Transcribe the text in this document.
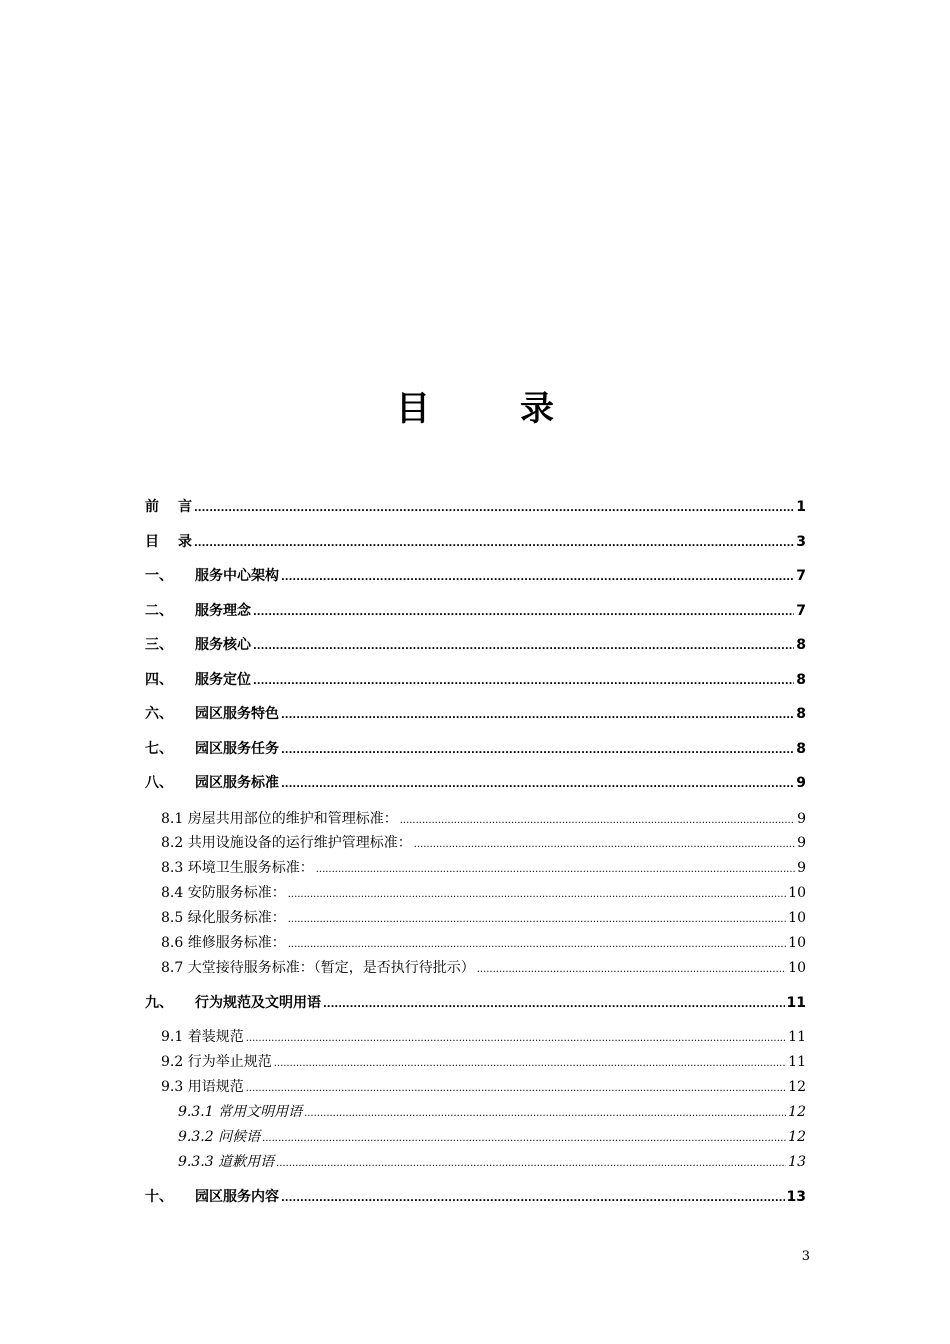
目　录
前 言 .....	1
目 录 .....	3
一、 服务中心架构 .....	7
二、 服务理念 .....	7
三、 服务核心 .....	8
四、 服务定位 .....	8
六、 园区服务特色 .....	8
七、 园区服务任务 .....	8
八、 园区服务标准 .....	9
8.1 房屋共用部位的维护和管理标准： .....	9
8.2 共用设施设备的运行维护管理标准： .....	9
8.3 环境卫生服务标准： .....	9
8.4 安防服务标准： .....	10
8.5 绿化服务标准： .....	10
8.6 维修服务标准： .....	10
8.7 大堂接待服务标准：（暂定，是否执行待批示） .....	10
九、 行为规范及文明用语 .....	11
9.1 着装规范 .....	11
9.2 行为举止规范 .....	11
9.3 用语规范 .....	12
9.3.1 常用文明用语 .....	12
9.3.2 问候语 .....	12
9.3.3 道歉用语 .....	13
十、 园区服务内容 .....	13
3
